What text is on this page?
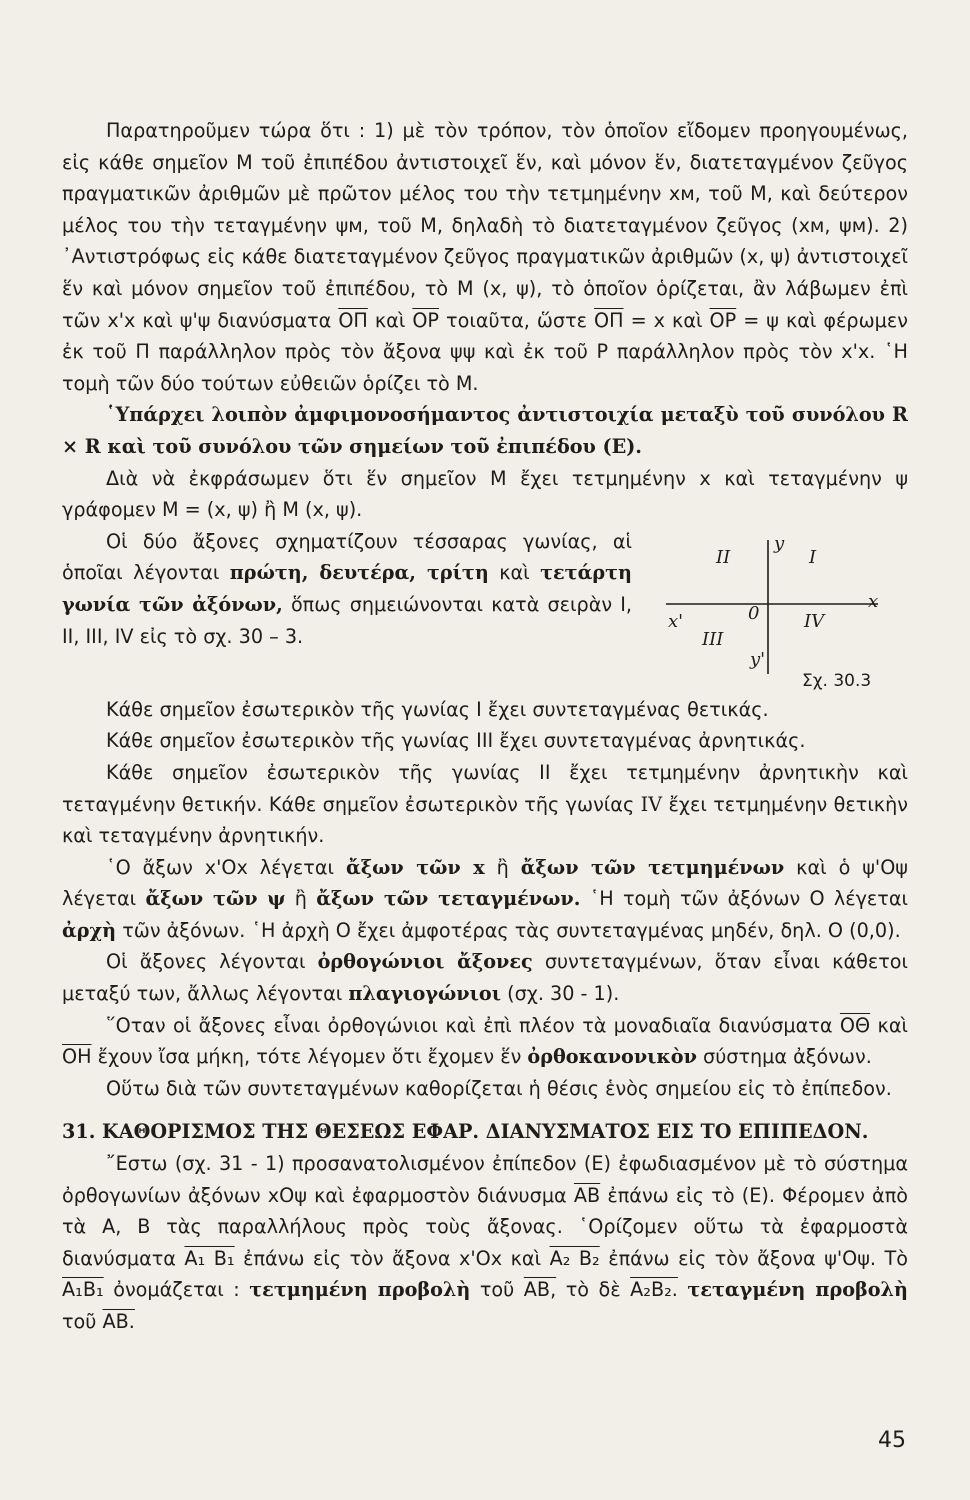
Παρατηροῦμεν τώρα ὅτι : 1) μὲ τὸν τρόπον, τὸν ὁποῖον εἴδομεν προηγουμένως, εἰς κάθε σημεῖον M τοῦ ἐπιπέδου ἀντιστοιχεῖ ἕν, καὶ μόνον ἕν, διατεταγμένον ζεῦγος πραγματικῶν ἀριθμῶν μὲ πρῶτον μέλος του τὴν τετμημένην xᴍ, τοῦ M, καὶ δεύτερον μέλος του τὴν τεταγμένην ψᴍ, τοῦ M, δηλαδὴ τὸ διατεταγμένον ζεῦγος (xᴍ, ψᴍ). 2) ᾿Αντιστρόφως εἰς κάθε διατεταγμένον ζεῦγος πραγματικῶν ἀριθμῶν (x, ψ) ἀντιστοιχεῖ ἕν καὶ μόνον σημεῖον τοῦ ἐπιπέδου, τὸ M (x, ψ), τὸ ὁποῖον ὁρίζεται, ἂν λάβωμεν ἐπὶ τῶν x'x καὶ ψ'ψ διανύσματα $\overline{O\Pi}$ καὶ $\overline{OP}$ τοιαῦτα, ὥστε $\overline{O\Pi} = x$ καὶ $\overline{OP} = \psi$ καὶ φέρωμεν ἐκ τοῦ Π παράλληλον πρὸς τὸν ἄξονα ψψ καὶ ἐκ τοῦ Ρ παράλληλον πρὸς τὸν x'x. ῾Η τομὴ τῶν δύο τούτων εὐθειῶν ὁρίζει τὸ M.

῾Υπάρχει λοιπὸν ἀμφιμονοσήμαντος ἀντιστοιχία μεταξὺ τοῦ συνόλου R × R καὶ τοῦ συνόλου τῶν σημείων τοῦ ἐπιπέδου (E).

Διὰ νὰ ἐκφράσωμεν ὅτι ἕν σημεῖον M ἔχει τετμημένην x καὶ τεταγμένην ψ γράφομεν M = (x, ψ) ἢ M (x, ψ).

Οἱ δύο ἄξονες σχηματίζουν τέσσαρας γωνίας, αἱ ὁποῖαι λέγονται πρώτη, δευτέρα, τρίτη καὶ τετάρτη γωνία τῶν ἀξόνων, ὅπως σημειώνονται κατὰ σειρὰν I, II, III, IV εἰς τὸ σχ. 30 – 3.

y
II	I
x'	0 IV
x
III
y'
Σχ. 30.3

Κάθε σημεῖον ἐσωτερικὸν τῆς γωνίας I ἔχει συντεταγμένας θετικάς.

Κάθε σημεῖον ἐσωτερικὸν τῆς γωνίας III ἔχει συντεταγμένας ἀρνητικάς.

Κάθε σημεῖον ἐσωτερικὸν τῆς γωνίας II ἔχει τετμημένην ἀρνητικὴν καὶ τεταγμένην θετικήν. Κάθε σημεῖον ἐσωτερικὸν τῆς γωνίας IV ἔχει τετμημένην θετικὴν καὶ τεταγμένην ἀρνητικήν.

῾Ο ἄξων x'Ox λέγεται ἄξων τῶν x ἢ ἄξων τῶν τετμημένων καὶ ὁ ψ'Oψ λέγεται ἄξων τῶν ψ ἢ ἄξων τῶν τεταγμένων. ῾Η τομὴ τῶν ἀξόνων O λέγεται ἀρχὴ τῶν ἀξόνων. ῾Η ἀρχὴ O ἔχει ἀμφοτέρας τὰς συντεταγμένας μηδέν, δηλ. O (0,0).

Οἱ ἄξονες λέγονται ὀρθογώνιοι ἄξονες συντεταγμένων, ὅταν εἶναι κάθετοι μεταξύ των, ἄλλως λέγονται πλαγιογώνιοι (σχ. 30 - 1).

῞Οταν οἱ ἄξονες εἶναι ὀρθογώνιοι καὶ ἐπὶ πλέον τὰ μοναδιαῖα διανύσματα $\overline{O\Theta}$ καὶ $\overline{OH}$ ἔχουν ἴσα μήκη, τότε λέγομεν ὅτι ἔχομεν ἕν ὀρθοκανονικὸν σύστημα ἀξόνων.

Οὕτω διὰ τῶν συντεταγμένων καθορίζεται ἡ θέσις ἑνὸς σημείου εἰς τὸ ἐπίπεδον.

31. ΚΑΘΟΡΙΣΜΟΣ ΤΗΣ ΘΕΣΕΩΣ ΕΦΑΡ. ΔΙΑΝΥΣΜΑΤΟΣ ΕΙΣ ΤΟ ΕΠΙΠΕΔΟΝ.

῎Εστω (σχ. 31 - 1) προσανατολισμένον ἐπίπεδον (E) ἐφωδιασμένον μὲ τὸ σύστημα ὀρθογωνίων ἀξόνων xOψ καὶ ἐφαρμοστὸν διάνυσμα $\overline{AB}$ ἐπάνω εἰς τὸ (E). Φέρομεν ἀπὸ τὰ A, B τὰς παραλλήλους πρὸς τοὺς ἄξονας. ῾Ορίζομεν οὕτω τὰ ἐφαρμοστὰ διανύσματα A₁ B₁ ἐπάνω εἰς τὸν ἄξονα x'Ox καὶ A₂ B₂ ἐπάνω εἰς τὸν ἄξονα ψ'Oψ. Τὸ A₁B₁ ὀνομάζεται : τετμημένη προβολὴ τοῦ AB, τὸ δὲ A₂B₂. τεταγμένη προβολὴ τοῦ AB.

45
